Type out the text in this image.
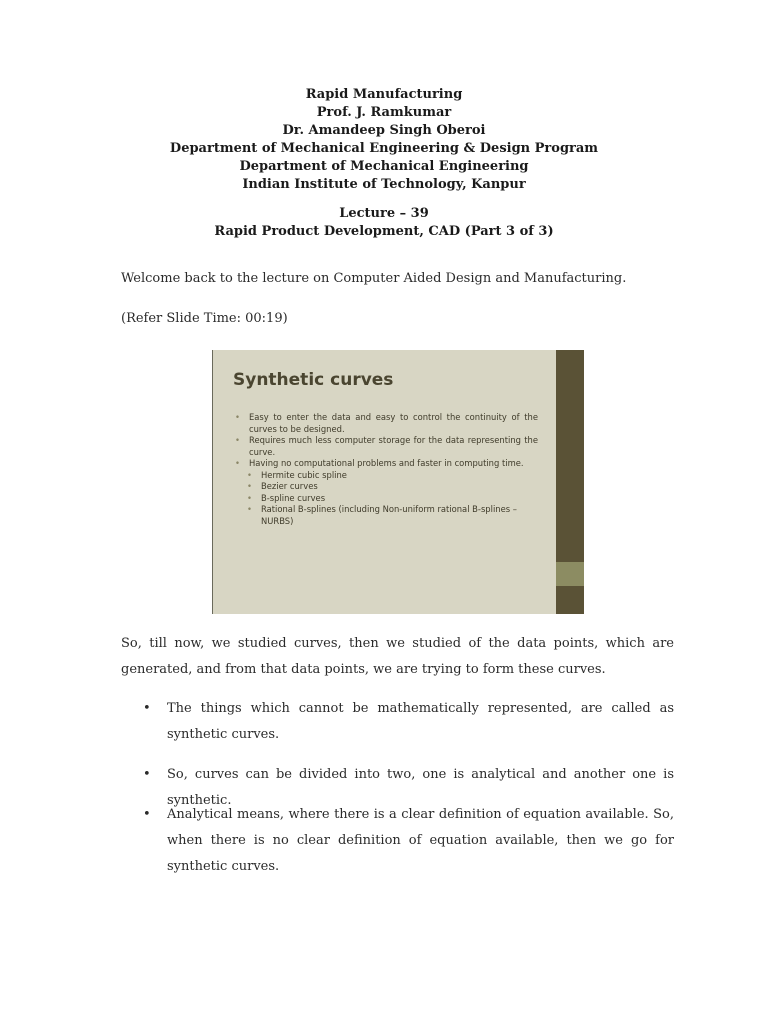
Rapid Manufacturing
Prof. J. Ramkumar
Dr. Amandeep Singh Oberoi
Department of Mechanical Engineering & Design Program
Department of Mechanical Engineering
Indian Institute of Technology, Kanpur
Lecture – 39
Rapid Product Development, CAD (Part 3 of 3)

Welcome back to the lecture on Computer Aided Design and Manufacturing.

(Refer Slide Time: 00:19)

Synthetic curves
• Easy to enter the data and easy to control the continuity of the curves to be designed.
• Requires much less computer storage for the data representing the curve.
• Having no computational problems and faster in computing time.
• Hermite cubic spline
• Bezier curves
• B-spline curves
• Rational B-splines (including Non-uniform rational B-splines – NURBS)

So, till now, we studied curves, then we studied of the data points, which are generated, and from that data points, we are trying to form these curves.

• The things which cannot be mathematically represented, are called as synthetic curves.
• So, curves can be divided into two, one is analytical and another one is synthetic.
• Analytical means, where there is a clear definition of equation available. So, when there is no clear definition of equation available, then we go for synthetic curves.
